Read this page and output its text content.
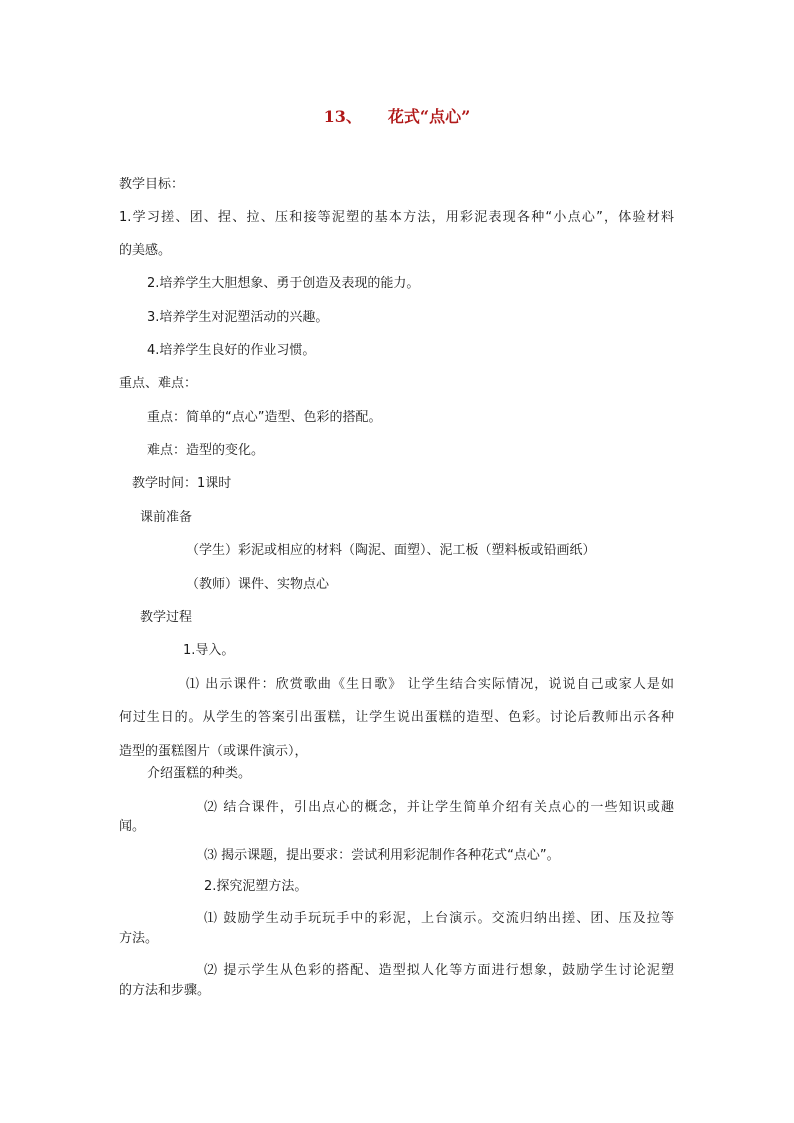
13、 花式“点心”
教学目标：
1.学习搓、团、捏、拉、压和接等泥塑的基本方法，用彩泥表现各种“小点心”，体验材料
的美感。
2.培养学生大胆想象、勇于创造及表现的能力。
3.培养学生对泥塑活动的兴趣。
4.培养学生良好的作业习惯。
重点、难点：
重点：简单的“点心”造型、色彩的搭配。
难点：造型的变化。
教学时间：1课时
课前准备
（学生）彩泥或相应的材料（陶泥、面塑）、泥工板（塑料板或铅画纸）
（教师）课件、实物点心
教学过程
1.导入。
⑴ 出示课件：欣赏歌曲《生日歌》 让学生结合实际情况，说说自己或家人是如
何过生日的。从学生的答案引出蛋糕，让学生说出蛋糕的造型、色彩。讨论后教师出示各种
造型的蛋糕图片（或课件演示），
介绍蛋糕的种类。
⑵ 结合课件，引出点心的概念，并让学生简单介绍有关点心的一些知识或趣
闻。
⑶ 揭示课题，提出要求：尝试利用彩泥制作各种花式“点心”。
2.探究泥塑方法。
⑴ 鼓励学生动手玩玩手中的彩泥，上台演示。交流归纳出搓、团、压及拉等
方法。
⑵ 提示学生从色彩的搭配、造型拟人化等方面进行想象，鼓励学生讨论泥塑
的方法和步骤。
